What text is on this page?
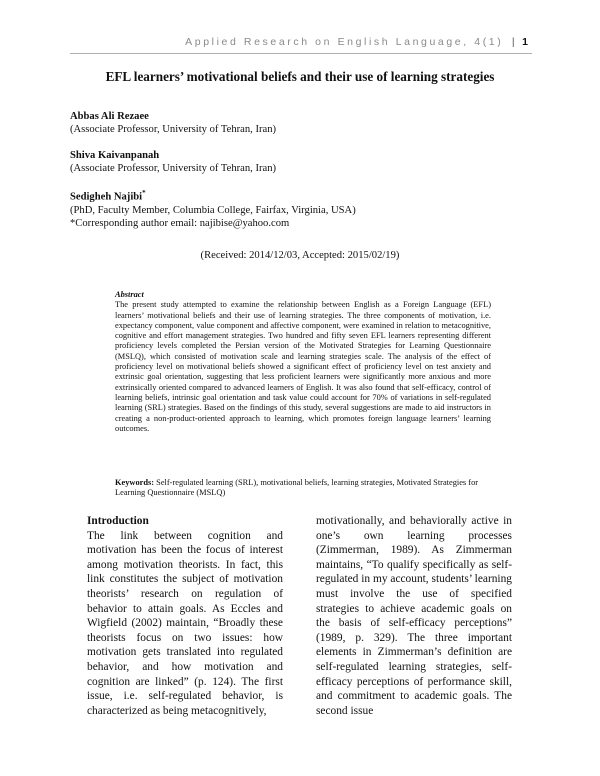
Applied Research on English Language, 4(1) | 1
EFL learners’ motivational beliefs and their use of learning strategies
Abbas Ali Rezaee
(Associate Professor, University of Tehran, Iran)
Shiva Kaivanpanah
(Associate Professor, University of Tehran, Iran)
Sedigheh Najibi*
(PhD, Faculty Member, Columbia College, Fairfax, Virginia, USA)
*Corresponding author email: najibise@yahoo.com
(Received: 2014/12/03, Accepted: 2015/02/19)
Abstract
The present study attempted to examine the relationship between English as a Foreign Language (EFL) learners’ motivational beliefs and their use of learning strategies. The three components of motivation, i.e. expectancy component, value component and affective component, were examined in relation to metacognitive, cognitive and effort management strategies. Two hundred and fifty seven EFL learners representing different proficiency levels completed the Persian version of the Motivated Strategies for Learning Questionnaire (MSLQ), which consisted of motivation scale and learning strategies scale. The analysis of the effect of proficiency level on motivational beliefs showed a significant effect of proficiency level on test anxiety and extrinsic goal orientation, suggesting that less proficient learners were significantly more anxious and more extrinsically oriented compared to advanced learners of English. It was also found that self-efficacy, control of learning beliefs, intrinsic goal orientation and task value could account for 70% of variations in self-regulated learning (SRL) strategies. Based on the findings of this study, several suggestions are made to aid instructors in creating a non-product-oriented approach to learning, which promotes foreign language learners’ learning outcomes.
Keywords: Self-regulated learning (SRL), motivational beliefs, learning strategies, Motivated Strategies for Learning Questionnaire (MSLQ)
Introduction
The link between cognition and motivation has been the focus of interest among motivation theorists. In fact, this link constitutes the subject of motivation theorists’ research on regulation of behavior to attain goals. As Eccles and Wigfield (2002) maintain, “Broadly these theorists focus on two issues: how motivation gets translated into regulated behavior, and how motivation and cognition are linked” (p. 124). The first issue, i.e. self-regulated behavior, is characterized as being metacognitively,
motivationally, and behaviorally active in one’s own learning processes (Zimmerman, 1989). As Zimmerman maintains, “To qualify specifically as self-regulated in my account, students’ learning must involve the use of specified strategies to achieve academic goals on the basis of self-efficacy perceptions” (1989, p. 329). The three important elements in Zimmerman’s definition are self-regulated learning strategies, self-efficacy perceptions of performance skill, and commitment to academic goals. The second issue
